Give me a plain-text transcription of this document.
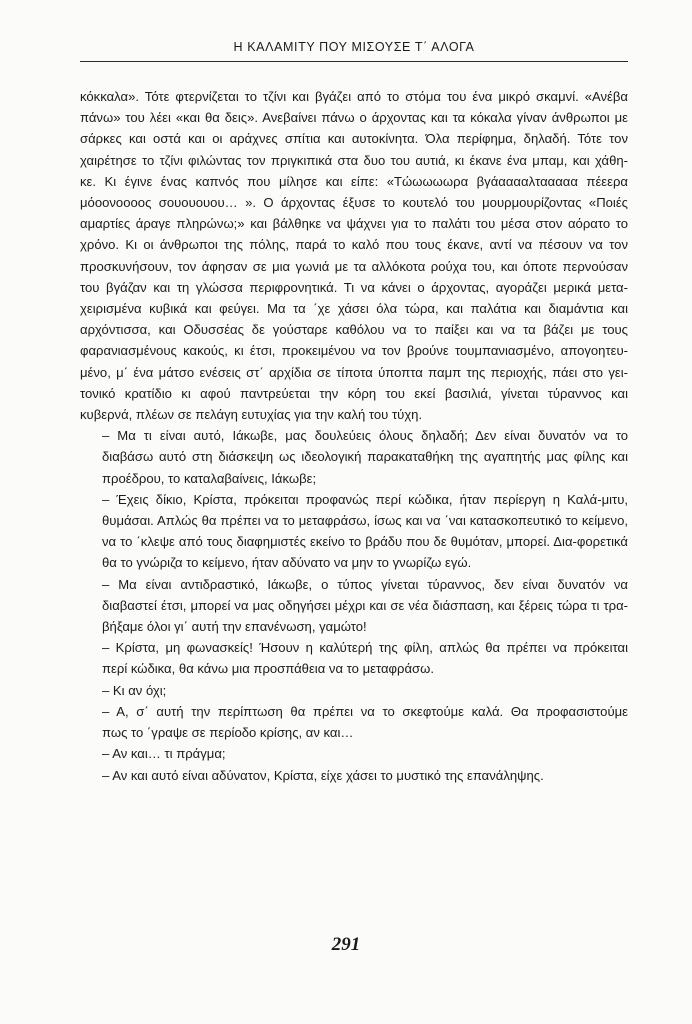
Η ΚΑΛΑΜΙΤΥ ΠΟΥ ΜΙΣΟΥΣΕ Τ΄ ΑΛΟΓΑ
κόκκαλα». Τότε φτερνίζεται το τζίνι και βγάζει από το στόμα του ένα μικρό σκαμνί. «Ανέβα
πάνω» του λέει «και θα δεις». Ανεβαίνει πάνω ο άρχοντας και τα κόκαλα γίναν άνθρωποι με
σάρκες και οστά και οι αράχνες σπίτια και αυτοκίνητα. Όλα περίφημα, δηλαδή. Τότε τον
χαιρέτησε το τζίνι φιλώντας τον πριγκιπικά στα δυο του αυτιά, κι έκανε ένα μπαμ, και χάθη-
κε. Κι έγινε ένας καπνός που μίλησε και είπε: «Τώωωωωρα βγάααααλτααααα πέεερα
μόοονοοοος σουουουου… ». Ο άρχοντας έξυσε το κουτελό του μουρμουρίζοντας «Ποιές
αμαρτίες άραγε πληρώνω;» και βάλθηκε να ψάχνει για το παλάτι του μέσα στον αόρατο το
χρόνο. Κι οι άνθρωποι της πόλης, παρά το καλό που τους έκανε, αντί να πέσουν να τον
προσκυνήσουν, τον άφησαν σε μια γωνιά με τα αλλόκοτα ρούχα του, και όποτε περνούσαν
του βγάζαν και τη γλώσσα περιφρονητικά. Τι να κάνει ο άρχοντας, αγοράζει μερικά μετα-
χειρισμένα κυβικά και φεύγει. Μα τα ΄χε χάσει όλα τώρα, και παλάτια και διαμάντια και
αρχόντισσα, και Οδυσσέας δε γούσταρε καθόλου να το παίξει και να τα βάζει με τους
φαρανιασμένους κακούς, κι έτσι, προκειμένου να τον βρούνε τουμπανιασμένο, απογοητευ-
μένο, μ΄ ένα μάτσο ενέσεις στ΄ αρχίδια σε τίποτα ύποπτα παμπ της περιοχής, πάει στο γει-
τονικό κρατίδιο κι αφού παντρεύεται την κόρη του εκεί βασιλιά, γίνεται τύραννος και
κυβερνά, πλέων σε πελάγη ευτυχίας για την καλή του τύχη.
– Μα τι είναι αυτό, Ιάκωβε, μας δουλεύεις όλους δηλαδή; Δεν είναι δυνατόν να το
διαβάσω αυτό στη διάσκεψη ως ιδεολογική παρακαταθήκη της αγαπητής μας φίλης και
προέδρου, το καταλαβαίνεις, Ιάκωβε;
– Έχεις δίκιο, Κρίστα, πρόκειται προφανώς περί κώδικα, ήταν περίεργη η Καλά-μιτυ,
θυμάσαι. Απλώς θα πρέπει να το μεταφράσω, ίσως και να ΄ναι κατασκοπευτικό το κείμενο,
να το ΄κλεψε από τους διαφημιστές εκείνο το βράδυ που δε θυμόταν, μπορεί. Δια-φορετικά
θα το γνώριζα το κείμενο, ήταν αδύνατο να μην το γνωρίζω εγώ.
– Μα είναι αντιδραστικό, Ιάκωβε, ο τύπος γίνεται τύραννος, δεν είναι δυνατόν να
διαβαστεί έτσι, μπορεί να μας οδηγήσει μέχρι και σε νέα διάσπαση, και ξέρεις τώρα τι τρα-
βήξαμε όλοι γι΄ αυτή την επανένωση, γαμώτο!
– Κρίστα, μη φωνασκείς! Ήσουν η καλύτερή της φίλη, απλώς θα πρέπει να πρόκειται
περί κώδικα, θα κάνω μια προσπάθεια να το μεταφράσω.
– Κι αν όχι;
– Α, σ΄ αυτή την περίπτωση θα πρέπει να το σκεφτούμε καλά. Θα προφασιστούμε
πως το ΄γραψε σε περίοδο κρίσης, αν και…
– Αν και… τι πράγμα;
– Αν και αυτό είναι αδύνατον, Κρίστα, είχε χάσει το μυστικό της επανάληψης.
291
